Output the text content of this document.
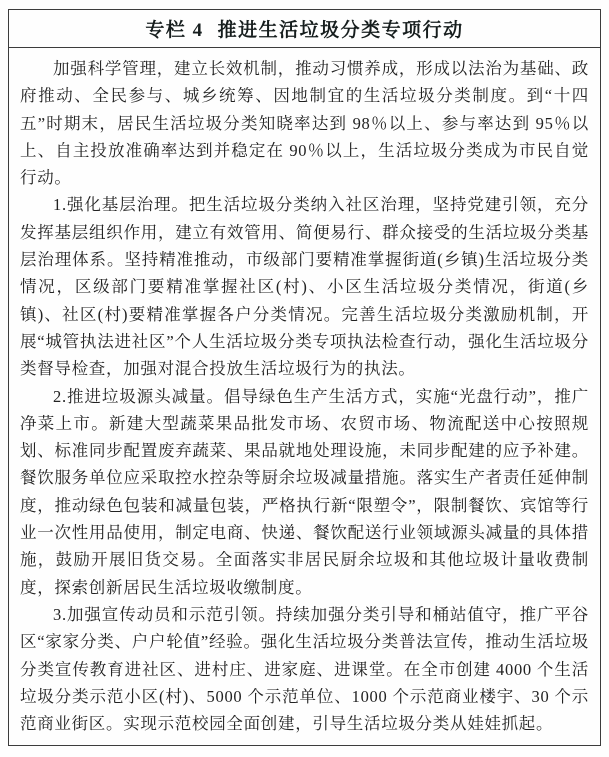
专栏 4 推进生活垃圾分类专项行动

加强科学管理，建立长效机制，推动习惯养成，形成以法治为基础、政府推动、全民参与、城乡统筹、因地制宜的生活垃圾分类制度。到“十四五”时期末，居民生活垃圾分类知晓率达到 98％以上、参与率达到 95％以上、自主投放准确率达到并稳定在 90％以上，生活垃圾分类成为市民自觉行动。

1.强化基层治理。把生活垃圾分类纳入社区治理，坚持党建引领，充分发挥基层组织作用，建立有效管用、简便易行、群众接受的生活垃圾分类基层治理体系。坚持精准推动，市级部门要精准掌握街道(乡镇)生活垃圾分类情况，区级部门要精准掌握社区(村)、小区生活垃圾分类情况，街道(乡镇)、社区(村)要精准掌握各户分类情况。完善生活垃圾分类激励机制，开展“城管执法进社区”个人生活垃圾分类专项执法检查行动，强化生活垃圾分类督导检查，加强对混合投放生活垃圾行为的执法。

2.推进垃圾源头减量。倡导绿色生产生活方式，实施“光盘行动”，推广净菜上市。新建大型蔬菜果品批发市场、农贸市场、物流配送中心按照规划、标准同步配置废弃蔬菜、果品就地处理设施，未同步配建的应予补建。餐饮服务单位应采取控水控杂等厨余垃圾减量措施。落实生产者责任延伸制度，推动绿色包装和减量包装，严格执行新“限塑令”，限制餐饮、宾馆等行业一次性用品使用，制定电商、快递、餐饮配送行业领域源头减量的具体措施，鼓励开展旧货交易。全面落实非居民厨余垃圾和其他垃圾计量收费制度，探索创新居民生活垃圾收缴制度。

3.加强宣传动员和示范引领。持续加强分类引导和桶站值守，推广平谷区“家家分类、户户轮值”经验。强化生活垃圾分类普法宣传，推动生活垃圾分类宣传教育进社区、进村庄、进家庭、进课堂。在全市创建 4000 个生活垃圾分类示范小区(村)、5000 个示范单位、1000 个示范商业楼宇、30 个示范商业街区。实现示范校园全面创建，引导生活垃圾分类从娃娃抓起。
